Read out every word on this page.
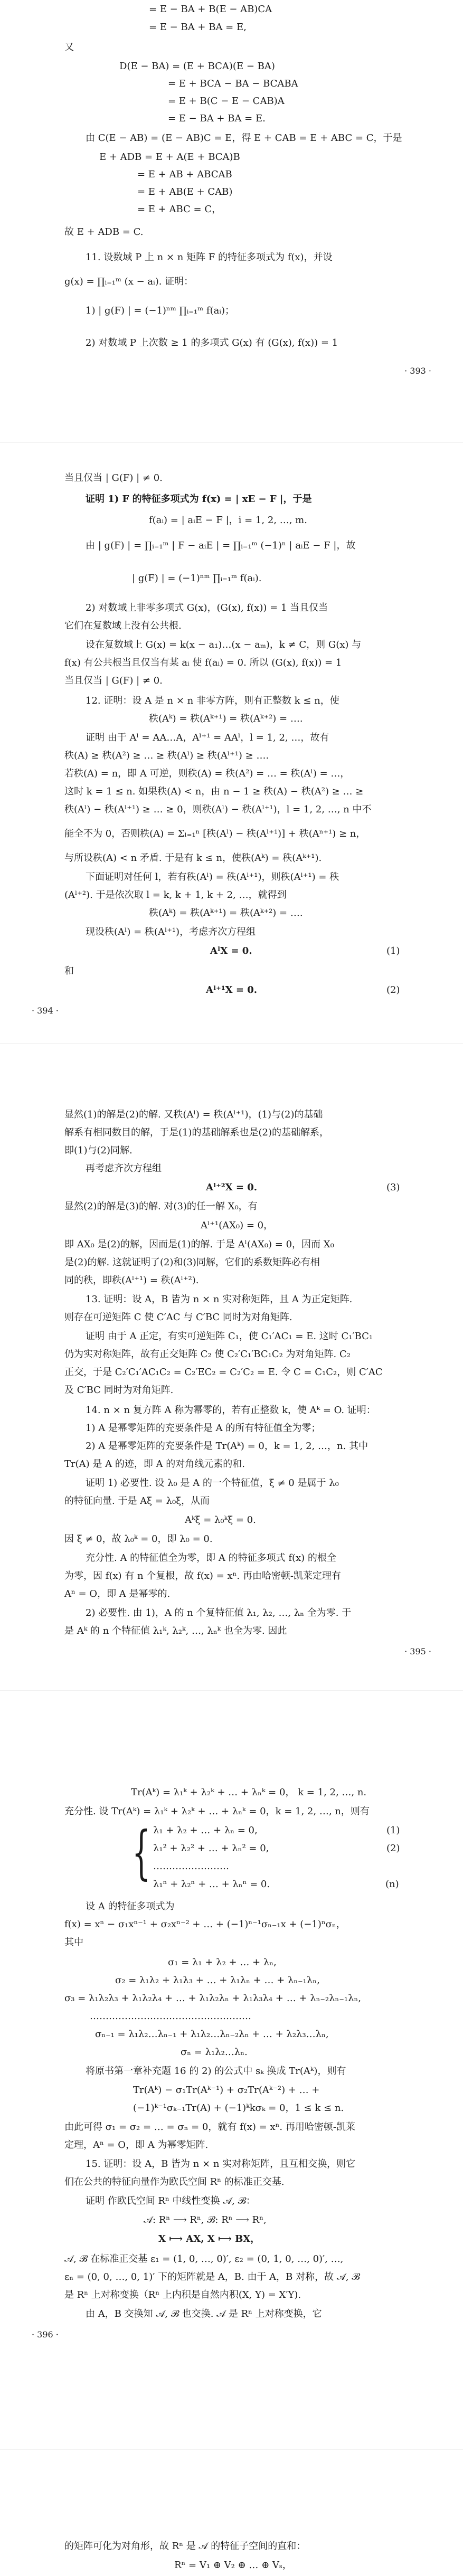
= E − BA + B(E − AB)CA
= E − BA + BA = E,
又
D(E − BA) = (E + BCA)(E − BA)
= E + BCA − BA − BCABA
= E + B(C − E − CAB)A
= E − BA + BA = E.
由 C(E − AB) = (E − AB)C = E，得 E + CAB = E + ABC = C，于是
E + ADB = E + A(E + BCA)B
= E + AB + ABCAB
= E + AB(E + CAB)
= E + ABC = C，
故 E + ADB = C.
11. 设数域 P 上 n × n 矩阵 F 的特征多项式为 f(x)，并设
g(x) = ∏ᵢ₌₁ᵐ (x − aᵢ). 证明：
1) | g(F) | = (−1)ⁿᵐ ∏ᵢ₌₁ᵐ f(aᵢ)；
2) 对数域 P 上次数 ≥ 1 的多项式 G(x) 有 (G(x), f(x)) = 1
· 393 ·
当且仅当 | G(F) | ≠ 0.
证明 1) F 的特征多项式为 f(x) = | xE − F |，于是
f(aᵢ) = | aᵢE − F |，i = 1, 2, …, m.
由 | g(F) | = ∏ᵢ₌₁ᵐ | F − aᵢE | = ∏ᵢ₌₁ᵐ (−1)ⁿ | aᵢE − F |，故
| g(F) | = (−1)ⁿᵐ ∏ᵢ₌₁ᵐ f(aᵢ).
2) 对数域上非零多项式 G(x)，(G(x), f(x)) = 1 当且仅当
它们在复数域上没有公共根.
设在复数域上 G(x) = k(x − a₁)…(x − aₘ)，k ≠ C，则 G(x) 与
f(x) 有公共根当且仅当有某 aᵢ 使 f(aᵢ) = 0. 所以 (G(x), f(x)) = 1
当且仅当 | G(F) | ≠ 0.
12. 证明：设 A 是 n × n 非零方阵，则有正整数 k ≤ n，使
秩(Aᵏ) = 秩(Aᵏ⁺¹) = 秩(Aᵏ⁺²) = ….
证明 由于 Aˡ = AA…A，Aˡ⁺¹ = AAˡ，l = 1, 2, …，故有
秩(A) ≥ 秩(A²) ≥ … ≥ 秩(Aˡ) ≥ 秩(Aˡ⁺¹) ≥ ….
若秩(A) = n，即 A 可逆，则秩(A) = 秩(A²) = … = 秩(Aˡ) = …，
这时 k = 1 ≤ n. 如果秩(A) < n，由 n − 1 ≥ 秩(A) − 秩(A²) ≥ … ≥
秩(Aˡ) − 秩(Aˡ⁺¹) ≥ … ≥ 0，则秩(Aˡ) − 秩(Aˡ⁺¹)，l = 1, 2, …, n 中不
能全不为 0，否则秩(A) = Σₗ₌₁ⁿ [秩(Aˡ) − 秩(Aˡ⁺¹)] + 秩(Aⁿ⁺¹) ≥ n，
与所设秩(A) < n 矛盾. 于是有 k ≤ n，使秩(Aᵏ) = 秩(Aᵏ⁺¹).
下面证明对任何 l，若有秩(Aˡ) = 秩(Aˡ⁺¹)，则秩(Aˡ⁺¹) = 秩
(Aˡ⁺²). 于是依次取 l = k, k + 1, k + 2, …，就得到
秩(Aᵏ) = 秩(Aᵏ⁺¹) = 秩(Aᵏ⁺²) = ….
现设秩(Aˡ) = 秩(Aˡ⁺¹)，考虑齐次方程组
AˡX = 0.	(1)
和
Aˡ⁺¹X = 0.	(2)
· 394 ·
显然(1)的解是(2)的解. 又秩(Aˡ) = 秩(Aˡ⁺¹)，(1)与(2)的基础
解系有相同数目的解，于是(1)的基础解系也是(2)的基础解系，
即(1)与(2)同解.
再考虑齐次方程组
Aˡ⁺²X = 0.	(3)
显然(2)的解是(3)的解. 对(3)的任一解 X₀，有
Aˡ⁺¹(AX₀) = 0，
即 AX₀ 是(2)的解，因而是(1)的解. 于是 Aˡ(AX₀) = 0，因而 X₀
是(2)的解. 这就证明了(2)和(3)同解，它们的系数矩阵必有相
同的秩，即秩(Aˡ⁺¹) = 秩(Aˡ⁺²).
13. 证明：设 A，B 皆为 n × n 实对称矩阵，且 A 为正定矩阵.
则存在可逆矩阵 C 使 C′AC 与 C′BC 同时为对角矩阵.
证明 由于 A 正定，有实可逆矩阵 C₁，使 C₁′AC₁ = E. 这时 C₁′BC₁
仍为实对称矩阵，故有正交矩阵 C₂ 使 C₂′C₁′BC₁C₂ 为对角矩阵. C₂
正交，于是 C₂′C₁′AC₁C₂ = C₂′EC₂ = C₂′C₂ = E. 令 C = C₁C₂，则 C′AC
及 C′BC 同时为对角矩阵.
14. n × n 复方阵 A 称为幂零的，若有正整数 k，使 Aᵏ = O. 证明：
1) A 是幂零矩阵的充要条件是 A 的所有特征值全为零；
2) A 是幂零矩阵的充要条件是 Tr(Aᵏ) = 0，k = 1, 2, …，n. 其中
Tr(A) 是 A 的迹，即 A 的对角线元素的和.
证明 1) 必要性. 设 λ₀ 是 A 的一个特征值，ξ ≠ 0 是属于 λ₀
的特征向量. 于是 Aξ = λ₀ξ，从而
Aᵏξ = λ₀ᵏξ = 0.
因 ξ ≠ 0，故 λ₀ᵏ = 0，即 λ₀ = 0.
充分性. A 的特征值全为零，即 A 的特征多项式 f(x) 的根全
为零，因 f(x) 有 n 个复根，故 f(x) = xⁿ. 再由哈密顿-凯莱定理有
Aⁿ = O，即 A 是幂零的.
2) 必要性. 由 1)，A 的 n 个复特征值 λ₁, λ₂, …, λₙ 全为零. 于
是 Aᵏ 的 n 个特征值 λ₁ᵏ, λ₂ᵏ, …, λₙᵏ 也全为零. 因此
· 395 ·
Tr(Aᵏ) = λ₁ᵏ + λ₂ᵏ + … + λₙᵏ = 0， k = 1, 2, …, n.
充分性. 设 Tr(Aᵏ) = λ₁ᵏ + λ₂ᵏ + … + λₙᵏ = 0，k = 1, 2, …, n，则有
{ λ₁ + λ₂ + … + λₙ = 0,	(1)
λ₁² + λ₂² + … + λₙ² = 0,	(2)
……………………
λ₁ⁿ + λ₂ⁿ + … + λₙⁿ = 0.	(n)
设 A 的特征多项式为
f(x) = xⁿ − σ₁xⁿ⁻¹ + σ₂xⁿ⁻² + … + (−1)ⁿ⁻¹σₙ₋₁x + (−1)ⁿσₙ，
其中
σ₁ = λ₁ + λ₂ + … + λₙ,
σ₂ = λ₁λ₂ + λ₁λ₃ + … + λ₁λₙ + … + λₙ₋₁λₙ,
σ₃ = λ₁λ₂λ₃ + λ₁λ₂λ₄ + … + λ₁λ₂λₙ + λ₁λ₃λ₄ + … + λₙ₋₂λₙ₋₁λₙ,
……………………………………………
σₙ₋₁ = λ₁λ₂…λₙ₋₁ + λ₁λ₂…λₙ₋₂λₙ + … + λ₂λ₃…λₙ,
σₙ = λ₁λ₂…λₙ.
将原书第一章补充题 16 的 2) 的公式中 sₖ 换成 Tr(Aᵏ)，则有
Tr(Aᵏ) − σ₁Tr(Aᵏ⁻¹) + σ₂Tr(Aᵏ⁻²) + … +
(−1)ᵏ⁻¹σₖ₋₁Tr(A) + (−1)ᵏkσₖ = 0，1 ≤ k ≤ n.
由此可得 σ₁ = σ₂ = … = σₙ = 0，就有 f(x) = xⁿ. 再用哈密顿-凯莱
定理，Aⁿ = O，即 A 为幂零矩阵.
15. 证明：设 A，B 皆为 n × n 实对称矩阵，且互相交换，则它
们在公共的特征向量作为欧氏空间 Rⁿ 的标准正交基.
证明 作欧氏空间 Rⁿ 中线性变换 𝒜, ℬ：
𝒜: Rⁿ ⟶ Rⁿ, ℬ: Rⁿ ⟶ Rⁿ,
X ⟼ AX, X ⟼ BX，
𝒜, ℬ 在标准正交基 ε₁ = (1, 0, …, 0)′, ε₂ = (0, 1, 0, …, 0)′, …,
εₙ = (0, 0, …, 0, 1)′ 下的矩阵就是 A，B. 由于 A，B 对称，故 𝒜, ℬ
是 Rⁿ 上对称变换（Rⁿ 上内积是自然内积(X, Y) = X′Y).
由 A，B 交换知 𝒜, ℬ 也交换. 𝒜 是 Rⁿ 上对称变换，它
· 396 ·
的矩阵可化为对角形，故 Rⁿ 是 𝒜 的特征子空间的直和：
Rⁿ = V₁ ⊕ V₂ ⊕ … ⊕ Vₛ，
